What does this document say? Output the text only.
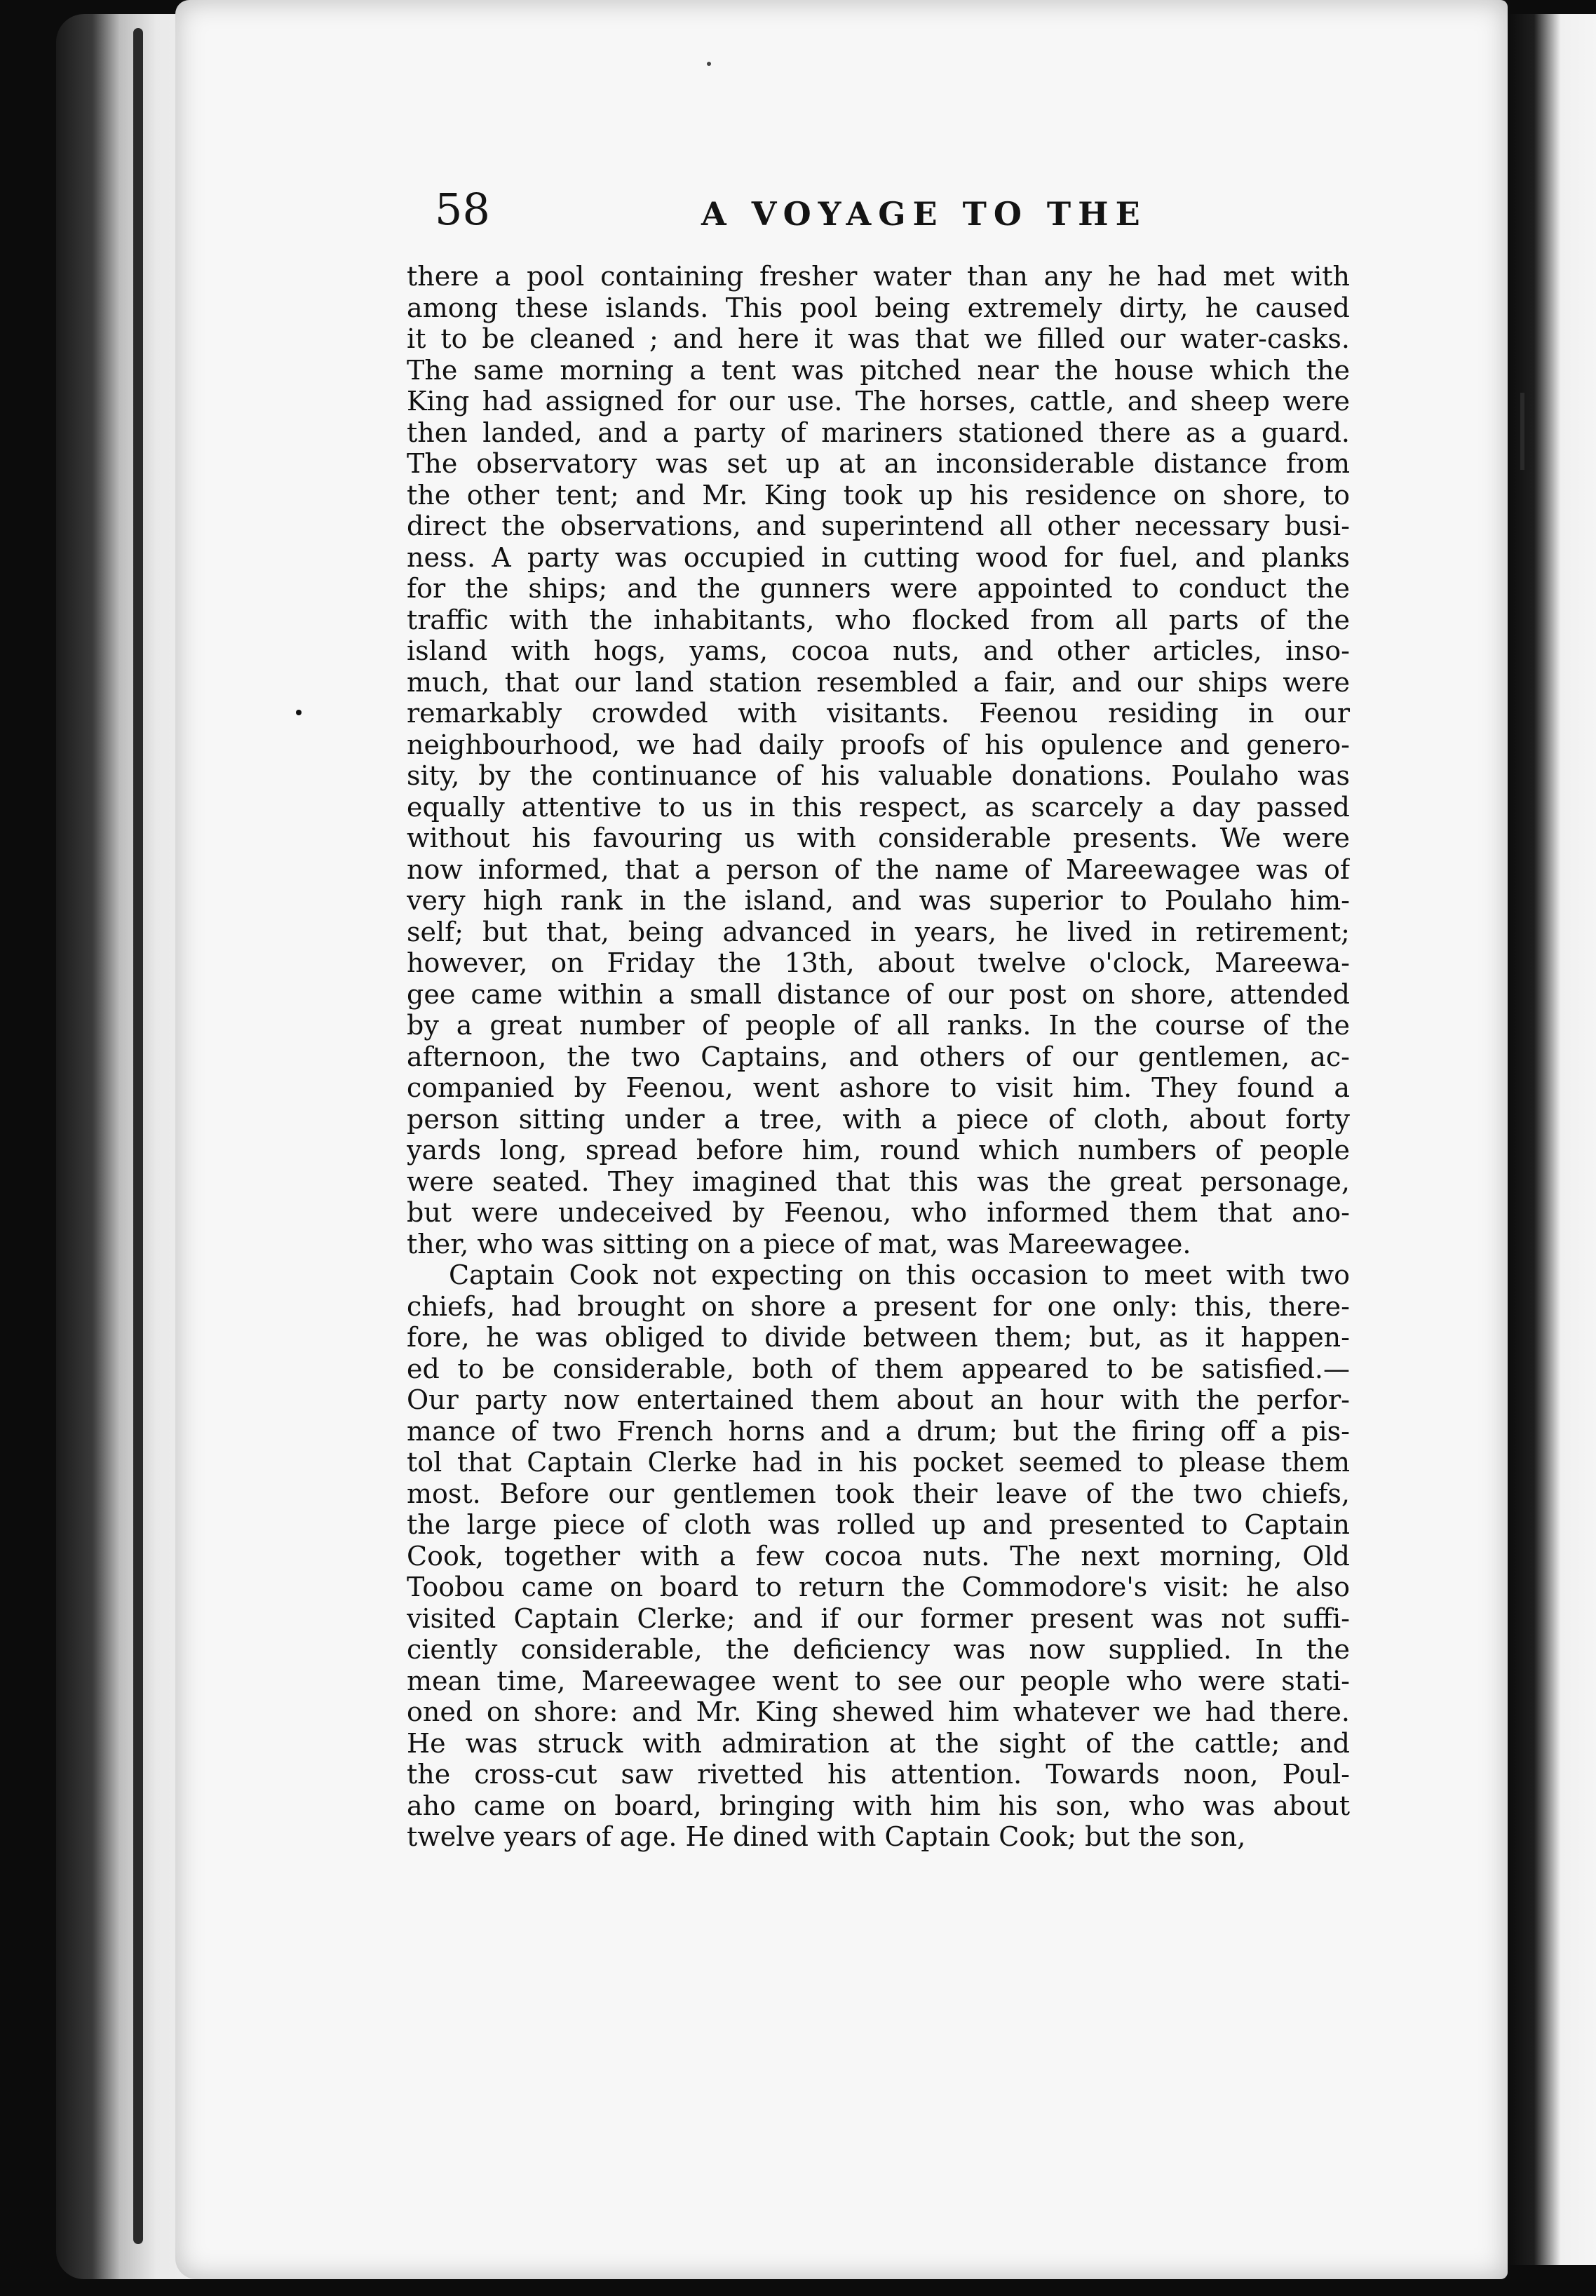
58	A VOYAGE TO THE
there a pool containing fresher water than any he had met with
among these islands. This pool being extremely dirty, he caused
it to be cleaned ; and here it was that we filled our water-casks.
The same morning a tent was pitched near the house which the
King had assigned for our use. The horses, cattle, and sheep were
then landed, and a party of mariners stationed there as a guard.
The observatory was set up at an inconsiderable distance from
the other tent; and Mr. King took up his residence on shore, to
direct the observations, and superintend all other necessary busi-
ness. A party was occupied in cutting wood for fuel, and planks
for the ships; and the gunners were appointed to conduct the
traffic with the inhabitants, who flocked from all parts of the
island with hogs, yams, cocoa nuts, and other articles, inso-
much, that our land station resembled a fair, and our ships were
remarkably crowded with visitants. Feenou residing in our
neighbourhood, we had daily proofs of his opulence and genero-
sity, by the continuance of his valuable donations. Poulaho was
equally attentive to us in this respect, as scarcely a day passed
without his favouring us with considerable presents. We were
now informed, that a person of the name of Mareewagee was of
very high rank in the island, and was superior to Poulaho him-
self; but that, being advanced in years, he lived in retirement;
however, on Friday the 13th, about twelve o'clock, Mareewa-
gee came within a small distance of our post on shore, attended
by a great number of people of all ranks. In the course of the
afternoon, the two Captains, and others of our gentlemen, ac-
companied by Feenou, went ashore to visit him. They found a
person sitting under a tree, with a piece of cloth, about forty
yards long, spread before him, round which numbers of people
were seated. They imagined that this was the great personage,
but were undeceived by Feenou, who informed them that ano-
ther, who was sitting on a piece of mat, was Mareewagee.
Captain Cook not expecting on this occasion to meet with two
chiefs, had brought on shore a present for one only: this, there-
fore, he was obliged to divide between them; but, as it happen-
ed to be considerable, both of them appeared to be satisfied.—
Our party now entertained them about an hour with the perfor-
mance of two French horns and a drum; but the firing off a pis-
tol that Captain Clerke had in his pocket seemed to please them
most. Before our gentlemen took their leave of the two chiefs,
the large piece of cloth was rolled up and presented to Captain
Cook, together with a few cocoa nuts. The next morning, Old
Toobou came on board to return the Commodore's visit: he also
visited Captain Clerke; and if our former present was not suffi-
ciently considerable, the deficiency was now supplied. In the
mean time, Mareewagee went to see our people who were stati-
oned on shore: and Mr. King shewed him whatever we had there.
He was struck with admiration at the sight of the cattle; and
the cross-cut saw rivetted his attention. Towards noon, Poul-
aho came on board, bringing with him his son, who was about
twelve years of age. He dined with Captain Cook; but the son,
